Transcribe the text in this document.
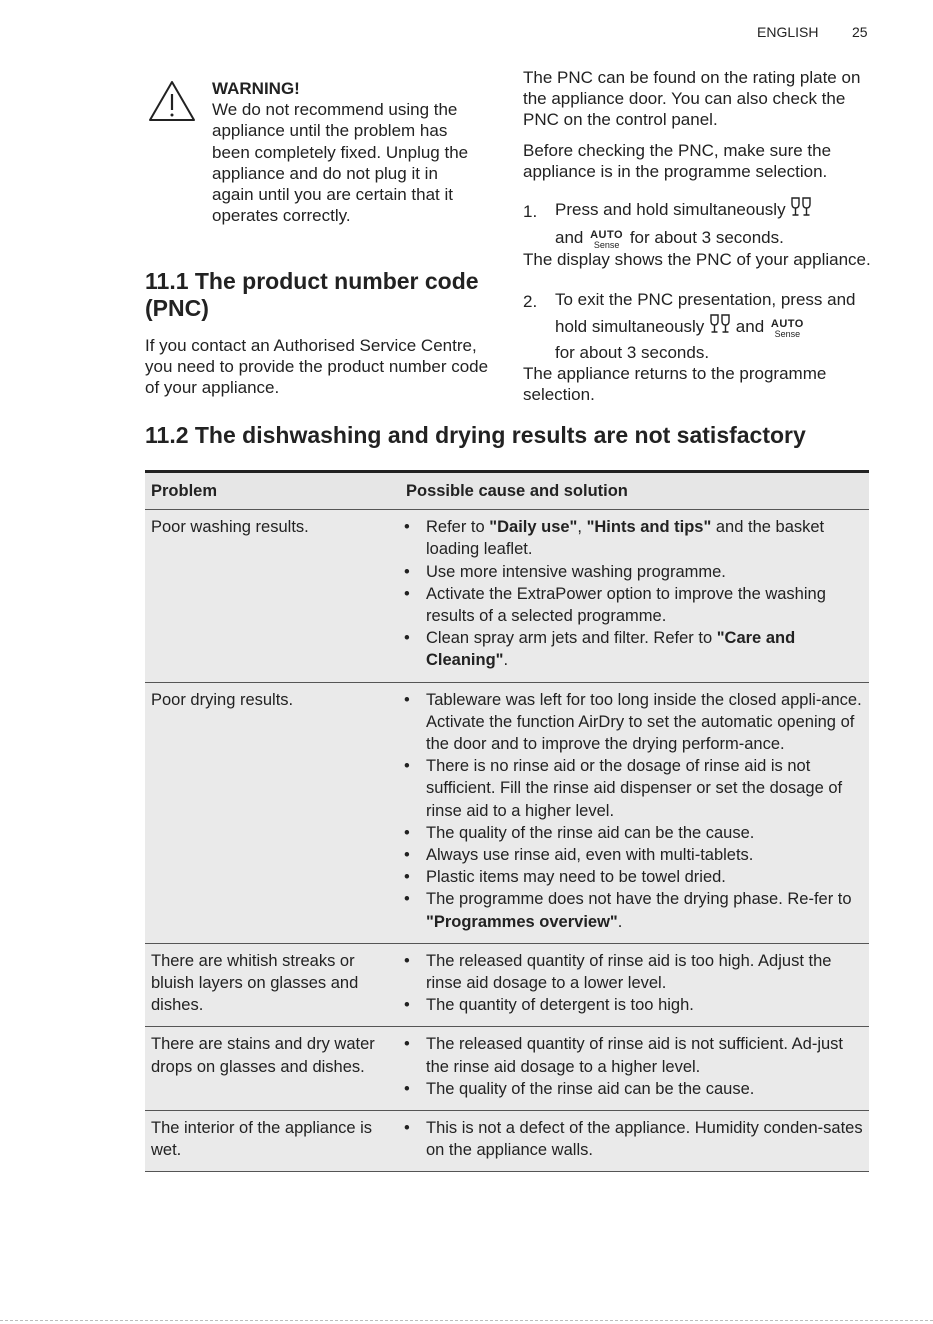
ENGLISH 25
WARNING!
We do not recommend using the appliance until the problem has been completely fixed. Unplug the appliance and do not plug it in again until you are certain that it operates correctly.
11.1 The product number code (PNC)

If you contact an Authorised Service Centre, you need to provide the product number code of your appliance.

The PNC can be found on the rating plate on the appliance door. You can also check the PNC on the control panel.

Before checking the PNC, make sure the appliance is in the programme selection.

1. Press and hold simultaneously
and AUTO
Sense for about 3 seconds.

The display shows the PNC of your appliance.

2. To exit the PNC presentation, press and hold simultaneously and AUTO
Sense

for about 3 seconds.

The appliance returns to the programme selection.

11.2 The dishwashing and drying results are not satisfactory
Problem	Possible cause and solution
Poor washing results.	• Refer to "Daily use", "Hints and tips" and the basket loading leaflet.
• Use more intensive washing programme.
• Activate the ExtraPower option to improve the washing results of a selected programme.
• Clean spray arm jets and filter. Refer to "Care and Cleaning".
Poor drying results.	• Tableware was left for too long inside the closed appli-ance. Activate the function AirDry to set the automatic opening of the door and to improve the drying perform-ance.
• There is no rinse aid or the dosage of rinse aid is not sufficient. Fill the rinse aid dispenser or set the dosage of rinse aid to a higher level.
• The quality of the rinse aid can be the cause.
• Always use rinse aid, even with multi-tablets.
• Plastic items may need to be towel dried.
• The programme does not have the drying phase. Re-fer to "Programmes overview".
There are whitish streaks or bluish layers on glasses and dishes.
• The released quantity of rinse aid is too high. Adjust the rinse aid dosage to a lower level.
• The quantity of detergent is too high.
There are stains and dry water drops on glasses and dishes.
• The released quantity of rinse aid is not sufficient. Ad-just the rinse aid dosage to a higher level.
• The quality of the rinse aid can be the cause.
The interior of the appliance is wet.
• This is not a defect of the appliance. Humidity conden-sates on the appliance walls.
